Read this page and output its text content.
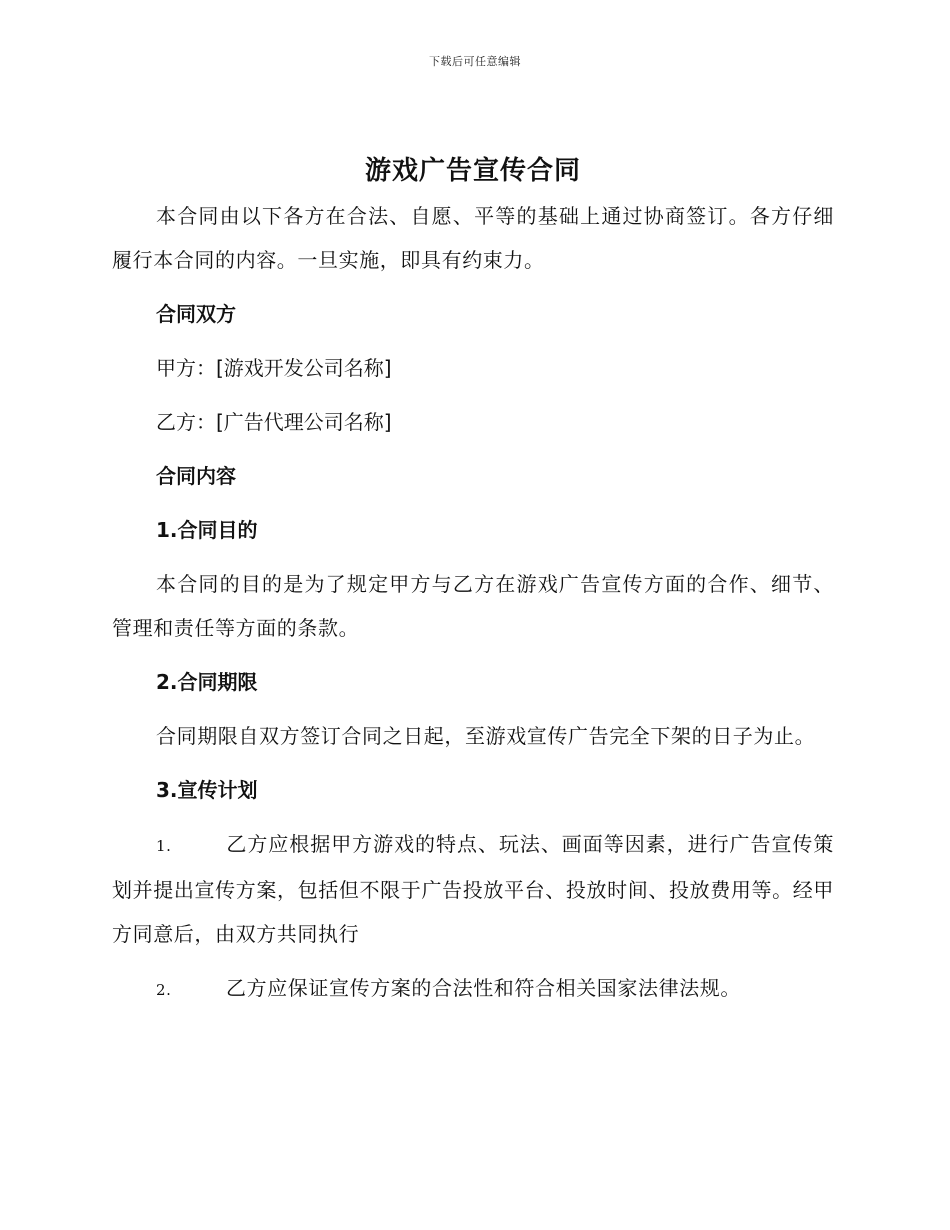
下载后可任意编辑
游戏广告宣传合同

本合同由以下各方在合法、自愿、平等的基础上通过协商签订。各方仔细履行本合同的内容。一旦实施，即具有约束力。

合同双方
甲方：[游戏开发公司名称]
乙方：[广告代理公司名称]
合同内容
1.合同目的

本合同的目的是为了规定甲方与乙方在游戏广告宣传方面的合作、细节、管理和责任等方面的条款。

2.合同期限

合同期限自双方签订合同之日起，至游戏宣传广告完全下架的日子为止。

3.宣传计划

1.	乙方应根据甲方游戏的特点、玩法、画面等因素，进行广告宣传策划并提出宣传方案，包括但不限于广告投放平台、投放时间、投放费用等。经甲方同意后，由双方共同执行

2.	乙方应保证宣传方案的合法性和符合相关国家法律法规。
